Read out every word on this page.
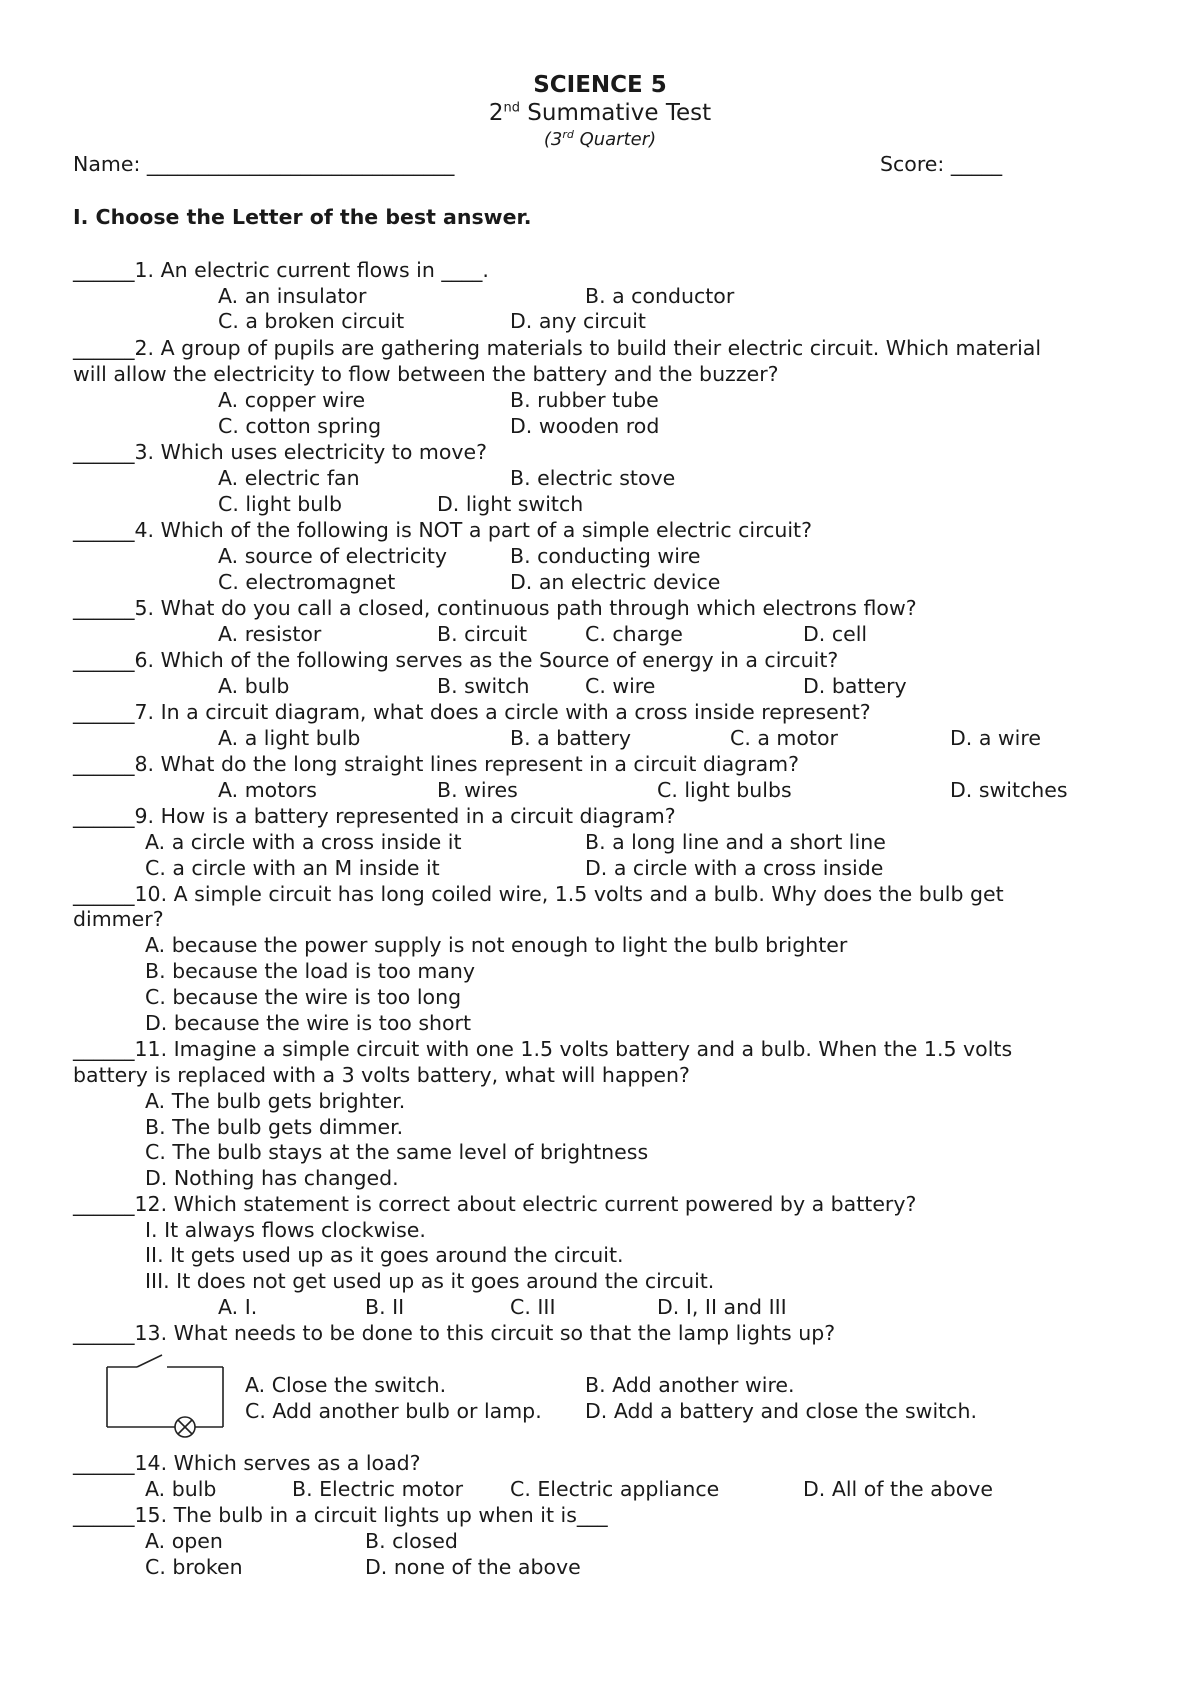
SCIENCE 5
2nd Summative Test
(3rd Quarter)
Name: ______________________________	Score: _____
I. Choose the Letter of the best answer.
______1. An electric current flows in ____.
A. an insulator	B. a conductor
C. a broken circuit	D. any circuit
______2. A group of pupils are gathering materials to build their electric circuit. Which material
will allow the electricity to flow between the battery and the buzzer?
A. copper wire	B. rubber tube
C. cotton spring	D. wooden rod
______3. Which uses electricity to move?
A. electric fan	B. electric stove
C. light bulb	D. light switch
______4. Which of the following is NOT a part of a simple electric circuit?
A. source of electricity	B. conducting wire
C. electromagnet	D. an electric device
______5. What do you call a closed, continuous path through which electrons flow?
A. resistor	B. circuit	C. charge	D. cell
______6. Which of the following serves as the Source of energy in a circuit?
A. bulb	B. switch	C. wire	D. battery
______7. In a circuit diagram, what does a circle with a cross inside represent?
A. a light bulb	B. a battery	C. a motor	D. a wire
______8. What do the long straight lines represent in a circuit diagram?
A. motors	B. wires	C. light bulbs	D. switches
______9. How is a battery represented in a circuit diagram?
A. a circle with a cross inside it	B. a long line and a short line
C. a circle with an M inside it	D. a circle with a cross inside
______10. A simple circuit has long coiled wire, 1.5 volts and a bulb. Why does the bulb get
dimmer?
A. because the power supply is not enough to light the bulb brighter
B. because the load is too many
C. because the wire is too long
D. because the wire is too short
______11. Imagine a simple circuit with one 1.5 volts battery and a bulb. When the 1.5 volts
battery is replaced with a 3 volts battery, what will happen?
A. The bulb gets brighter.
B. The bulb gets dimmer.
C. The bulb stays at the same level of brightness
D. Nothing has changed.
______12. Which statement is correct about electric current powered by a battery?
I. It always flows clockwise.
II. It gets used up as it goes around the circuit.
III. It does not get used up as it goes around the circuit.
A. I.	B. II	C. III	D. I, II and III
______13. What needs to be done to this circuit so that the lamp lights up?
A. Close the switch.	B. Add another wire.
C. Add another bulb or lamp. D. Add a battery and close the switch.
______14. Which serves as a load?
A. bulb	B. Electric motor C. Electric appliance	D. All of the above
______15. The bulb in a circuit lights up when it is___
A. open	B. closed
C. broken	D. none of the above
